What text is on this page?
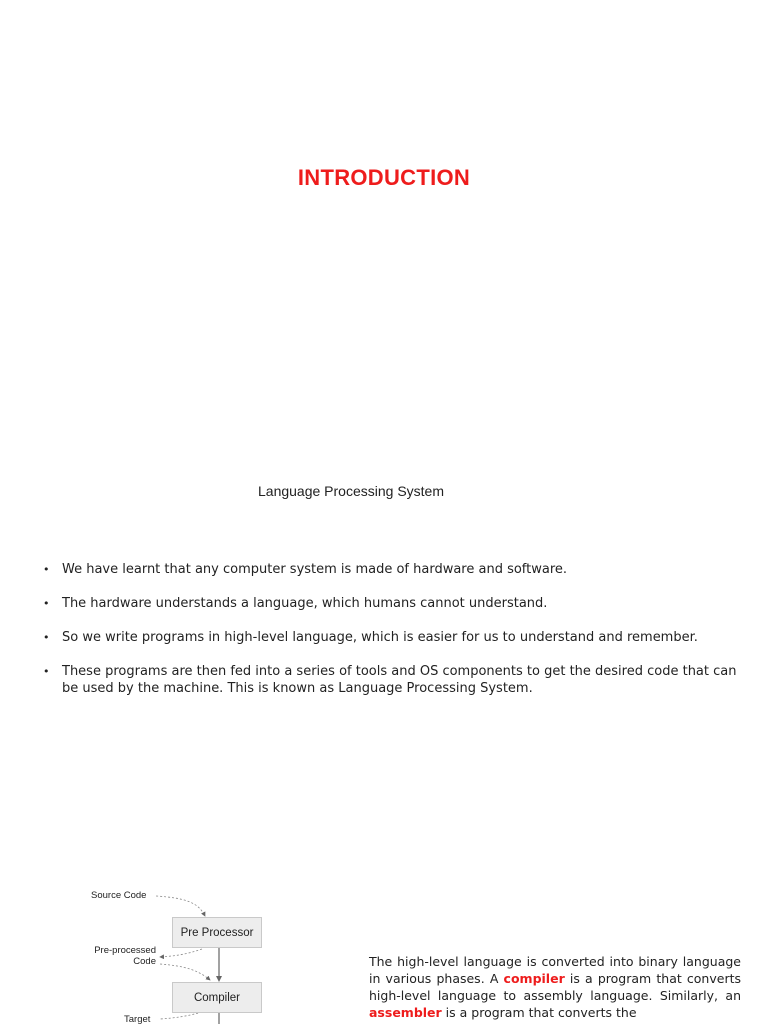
INTRODUCTION
Language Processing System
• We have learnt that any computer system is made of hardware and software.
• The hardware understands a language, which humans cannot understand.
• So we write programs in high-level language, which is easier for us to understand and remember.
• These programs are then fed into a series of tools and OS components to get the desired code that can be used by the machine. This is known as Language Processing System.
Source Code
Pre Processor
Pre-processed
Code
Compiler
Target
The high-level language is converted into binary language in various phases. A compiler is a program that converts high-level language to assembly language. Similarly, an assembler is a program that converts the
